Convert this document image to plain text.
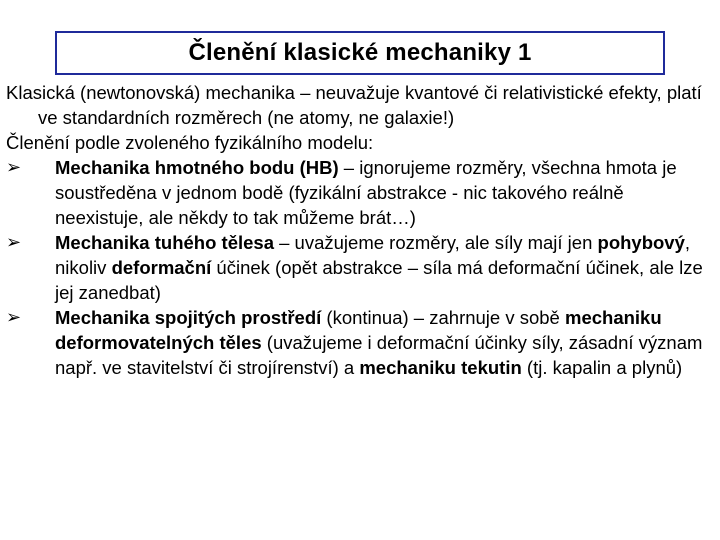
Členění klasické mechaniky 1

Klasická (newtonovská) mechanika – neuvažuje kvantové či relativistické efekty, platí ve standardních rozměrech (ne atomy, ne galaxie!)

Členění podle zvoleného fyzikálního modelu:

➢ Mechanika hmotného bodu (HB) – ignorujeme rozměry, všechna hmota je soustředěna v jednom bodě (fyzikální abstrakce - nic takového reálně neexistuje, ale někdy to tak můžeme brát…)

➢ Mechanika tuhého tělesa – uvažujeme rozměry, ale síly mají jen pohybový, nikoliv deformační účinek (opět abstrakce – síla má deformační účinek, ale lze jej zanedbat)

➢ Mechanika spojitých prostředí (kontinua) – zahrnuje v sobě mechaniku deformovatelných těles (uvažujeme i deformační účinky síly, zásadní význam např. ve stavitelství či strojírenství) a mechaniku tekutin (tj. kapalin a plynů)
